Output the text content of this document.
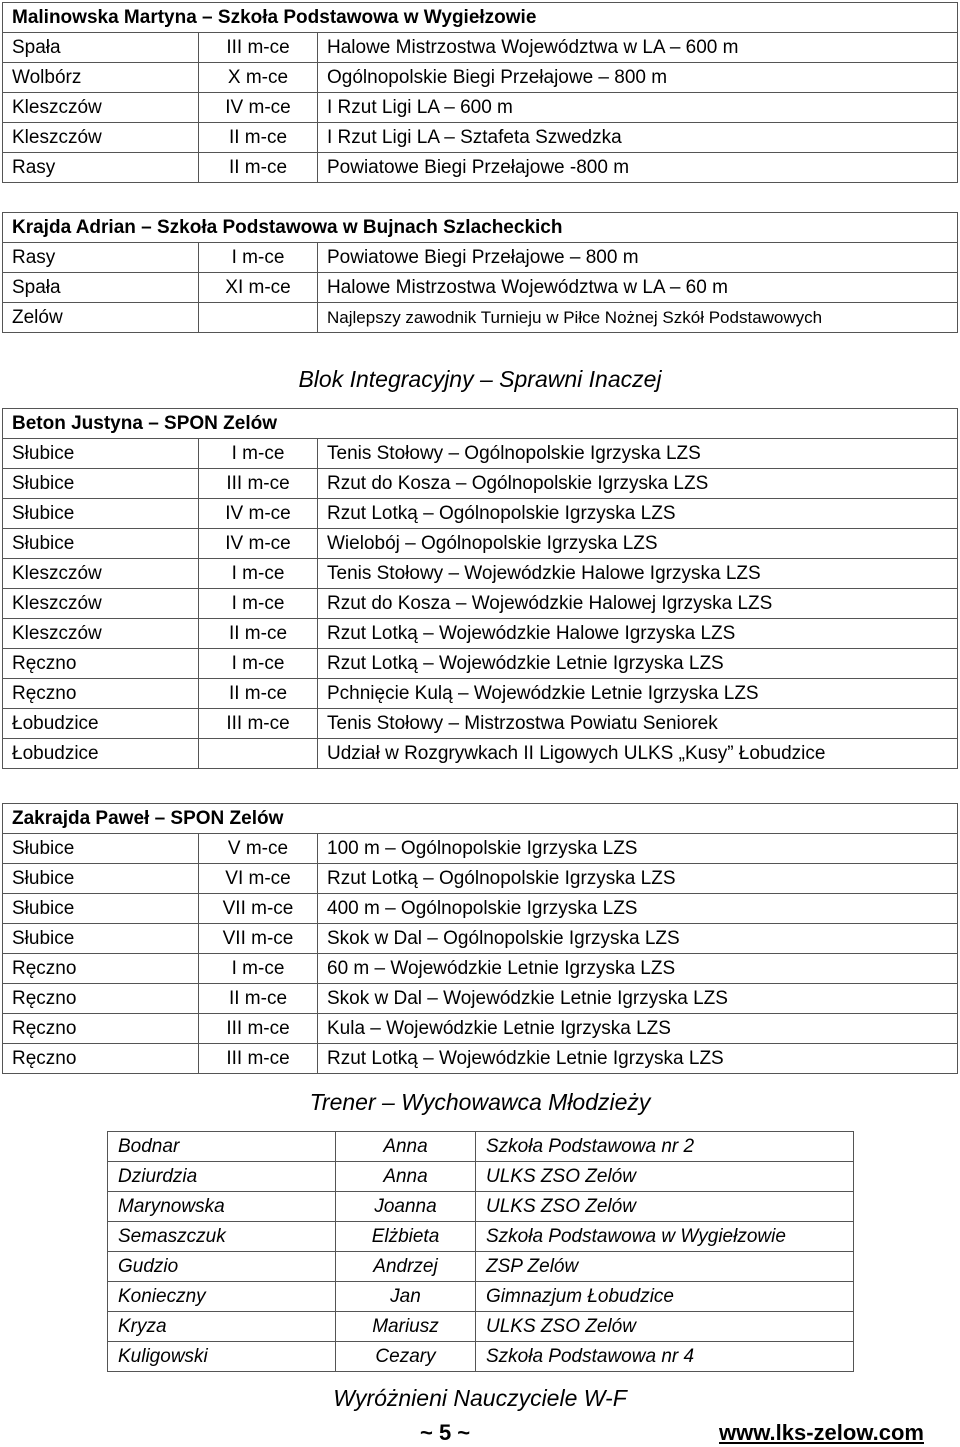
Malinowska Martyna – Szkoła Podstawowa w Wygiełzowie		
Spała	III m-ce	Halowe Mistrzostwa Województwa w LA – 600 m
Wolbórz	X m-ce	Ogólnopolskie Biegi Przełajowe – 800 m
Kleszczów	IV m-ce	I Rzut Ligi LA – 600 m
Kleszczów	II m-ce	I Rzut Ligi LA – Sztafeta Szwedzka
Rasy	II m-ce	Powiatowe Biegi Przełajowe -800 m
Krajda Adrian – Szkoła Podstawowa w Bujnach Szlacheckich		
Rasy	I m-ce	Powiatowe Biegi Przełajowe – 800 m
Spała	XI m-ce	Halowe Mistrzostwa Województwa w LA – 60 m
Zelów		Najlepszy zawodnik Turnieju w Piłce Nożnej Szkół Podstawowych
Blok Integracyjny – Sprawni Inaczej
Beton Justyna – SPON Zelów		
Słubice	I m-ce	Tenis Stołowy – Ogólnopolskie Igrzyska LZS
Słubice	III m-ce	Rzut do Kosza – Ogólnopolskie Igrzyska LZS
Słubice	IV m-ce	Rzut Lotką – Ogólnopolskie Igrzyska LZS
Słubice	IV m-ce	Wielobój – Ogólnopolskie Igrzyska LZS
Kleszczów	I m-ce	Tenis Stołowy – Wojewódzkie Halowe Igrzyska LZS
Kleszczów	I m-ce	Rzut do Kosza – Wojewódzkie Halowej Igrzyska LZS
Kleszczów	II m-ce	Rzut Lotką – Wojewódzkie Halowe Igrzyska LZS
Ręczno	I m-ce	Rzut Lotką – Wojewódzkie Letnie Igrzyska LZS
Ręczno	II m-ce	Pchnięcie Kulą – Wojewódzkie Letnie Igrzyska LZS
Łobudzice	III m-ce	Tenis Stołowy – Mistrzostwa Powiatu Seniorek
Łobudzice		Udział w Rozgrywkach II Ligowych ULKS „Kusy” Łobudzice
Zakrajda Paweł – SPON Zelów		
Słubice	V m-ce	100 m – Ogólnopolskie Igrzyska LZS
Słubice	VI m-ce	Rzut Lotką – Ogólnopolskie Igrzyska LZS
Słubice	VII m-ce	400 m – Ogólnopolskie Igrzyska LZS
Słubice	VII m-ce	Skok w Dal – Ogólnopolskie Igrzyska LZS
Ręczno	I m-ce	60 m – Wojewódzkie Letnie Igrzyska LZS
Ręczno	II m-ce	Skok w Dal – Wojewódzkie Letnie Igrzyska LZS
Ręczno	III m-ce	Kula – Wojewódzkie Letnie Igrzyska LZS
Ręczno	III m-ce	Rzut Lotką – Wojewódzkie Letnie Igrzyska LZS
Trener – Wychowawca Młodzieży
Bodnar	Anna	Szkoła Podstawowa nr 2
Dziurdzia	Anna	ULKS ZSO Zelów
Marynowska	Joanna	ULKS ZSO Zelów
Semaszczuk	Elżbieta	Szkoła Podstawowa w Wygiełzowie
Gudzio	Andrzej	ZSP Zelów
Konieczny	Jan	Gimnazjum Łobudzice
Kryza	Mariusz	ULKS ZSO Zelów
Kuligowski	Cezary	Szkoła Podstawowa nr 4
Wyróżnieni Nauczyciele W-F
~ 5 ~	www.lks-zelow.com
